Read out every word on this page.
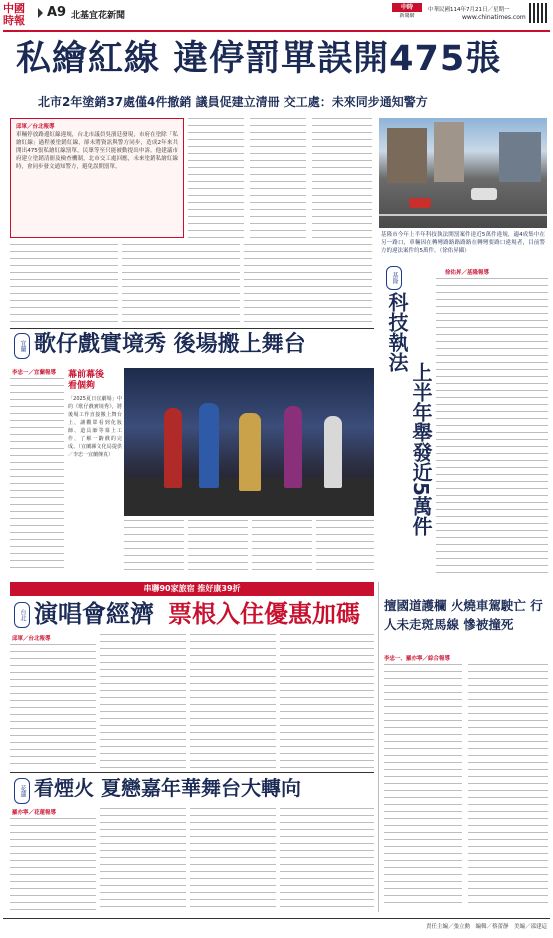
中國
時報
A9 北基宜花新聞
中時
新聞網
中華民國114年7月21日／星期一
www.chinatimes.com
私繪紅線 違停罰單誤開475張
北市2年塗銷37處僅4件撤銷 議員促建立清冊 交工處：未來同步通知警方
邱軍／台北報導
車輛停放路邊紅線違規，台北市議員吳濱廷發現，市府在塗除「私繪紅線」過程後塗銷紅線，卻未將資訊與警方同步，造成2年來共開出475張私繪紅線罰單，民眾等至只能被動提出申訴。他建議市府建立塗銷清冊及檢查機制，北市交工處回應，未來塗銷私繪紅線時，會同步發文通知警方，避免誤開罰單。
基隆市今年上半年科技執法開罰案件達近5萬件違規，適4成集中在另一路口，車輛因在轉彎路路路路路在轉彎要路口違規者，目前警方的違法案件約5萬件。（徐佑昇攝）
基隆
科技執法
上半年舉發近5萬件
徐佑昇／基隆報導
宜蘭 歌仔戲實境秀 後場搬上舞台
李忠一／宜蘭報導 幕前幕後
看個夠
「2025夏日宜劇場」中的《歌仔戲實境秀》，將後場工作直接搬上舞台上，讓觀眾看到化妝師、道具師等幕上工作，了解一齣戲的完成。（宜蘭縣文化局提供／李忠一宜蘭傳真）
串聯90家旅宿 推好康39折
台北 演唱會經濟 票根入住優惠加碼
邱軍／台北報導
擅國道護欄 火燒車駕駛亡 行人未走斑馬線 慘被撞死
李忠一、羅亦寧／綜合報導
花蓮 看煙火 夏戀嘉年華舞台大轉向
羅亦寧／花蓮報導
責任主編／張立勳　編輯／蔡蕾靜　美編／邵建這
